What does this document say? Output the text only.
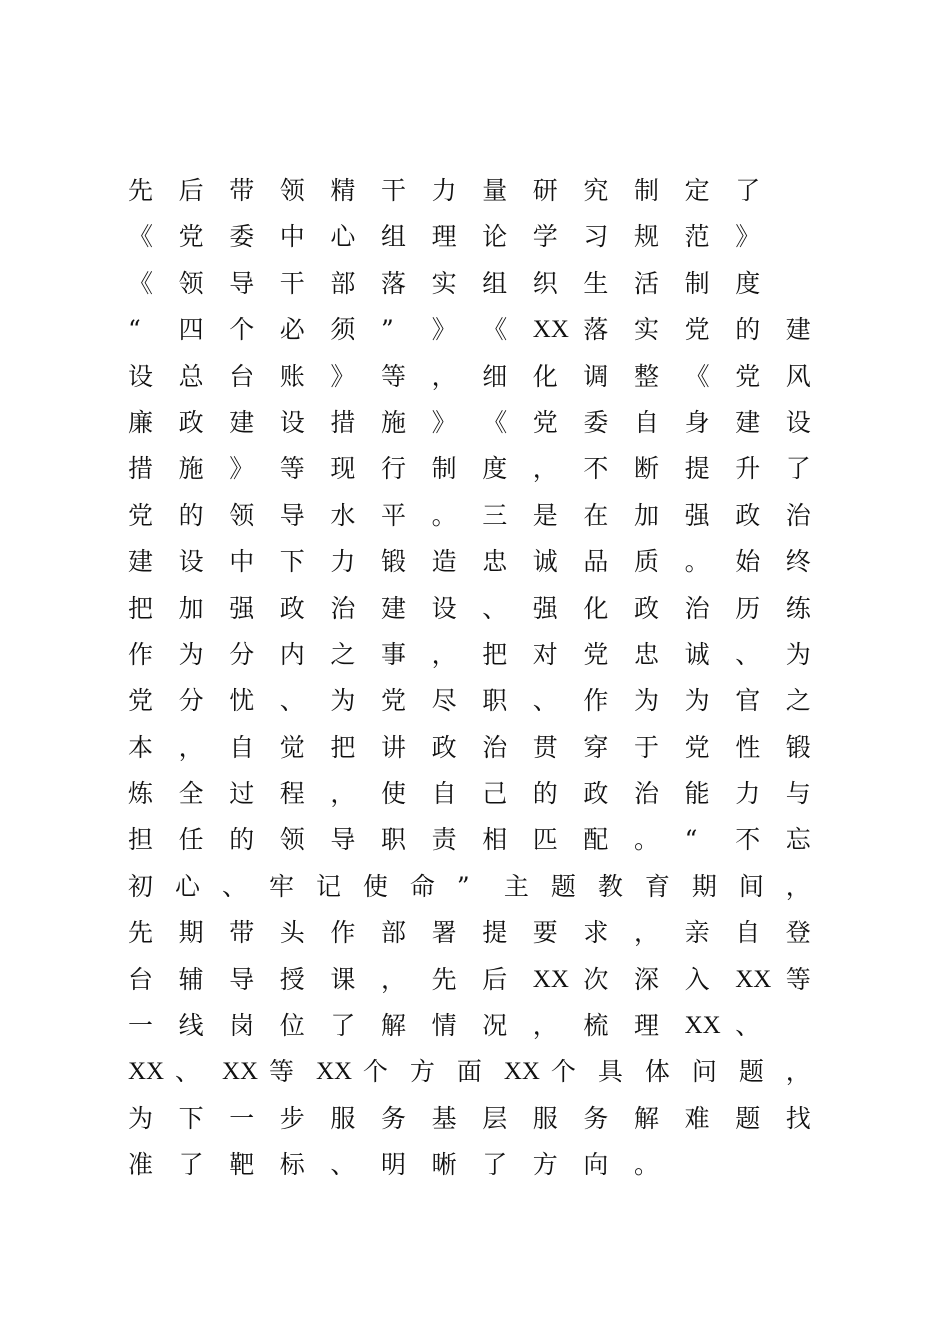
先 后 带 领 精 干 力 量 研 究 制 定 了
《 党 委 中 心 组 理 论 学 习 规 范 》
《 领 导 干 部 落 实 组 织 生 活 制 度
“ 四 个 必 须 ” 》 《 XX 落 实 党 的 建
设 总 台 账 》 等 ， 细 化 调 整 《 党 风
廉 政 建 设 措 施 》 《 党 委 自 身 建 设
措 施 》 等 现 行 制 度 ， 不 断 提 升 了
党 的 领 导 水 平 。 三 是 在 加 强 政 治
建 设 中 下 力 锻 造 忠 诚 品 质 。 始 终
把 加 强 政 治 建 设 、 强 化 政 治 历 练
作 为 分 内 之 事 ， 把 对 党 忠 诚 、 为
党 分 忧 、 为 党 尽 职 、 作 为 为 官 之
本 ， 自 觉 把 讲 政 治 贯 穿 于 党 性 锻
炼 全 过 程 ， 使 自 己 的 政 治 能 力 与
担 任 的 领 导 职 责 相 匹 配 。 “ 不 忘
初 心 、 牢 记 使 命 ” 主 题 教 育 期 间 ，
先 期 带 头 作 部 署 提 要 求 ， 亲 自 登
台 辅 导 授 课 ， 先 后 XX 次 深 入 XX 等
一 线 岗 位 了 解 情 况 ， 梳 理 XX 、
XX 、 XX 等 XX 个 方 面 XX 个 具 体 问 题 ，
为 下 一 步 服 务 基 层 服 务 解 难 题 找
准 了 靶 标 、 明 晰 了 方 向 。
